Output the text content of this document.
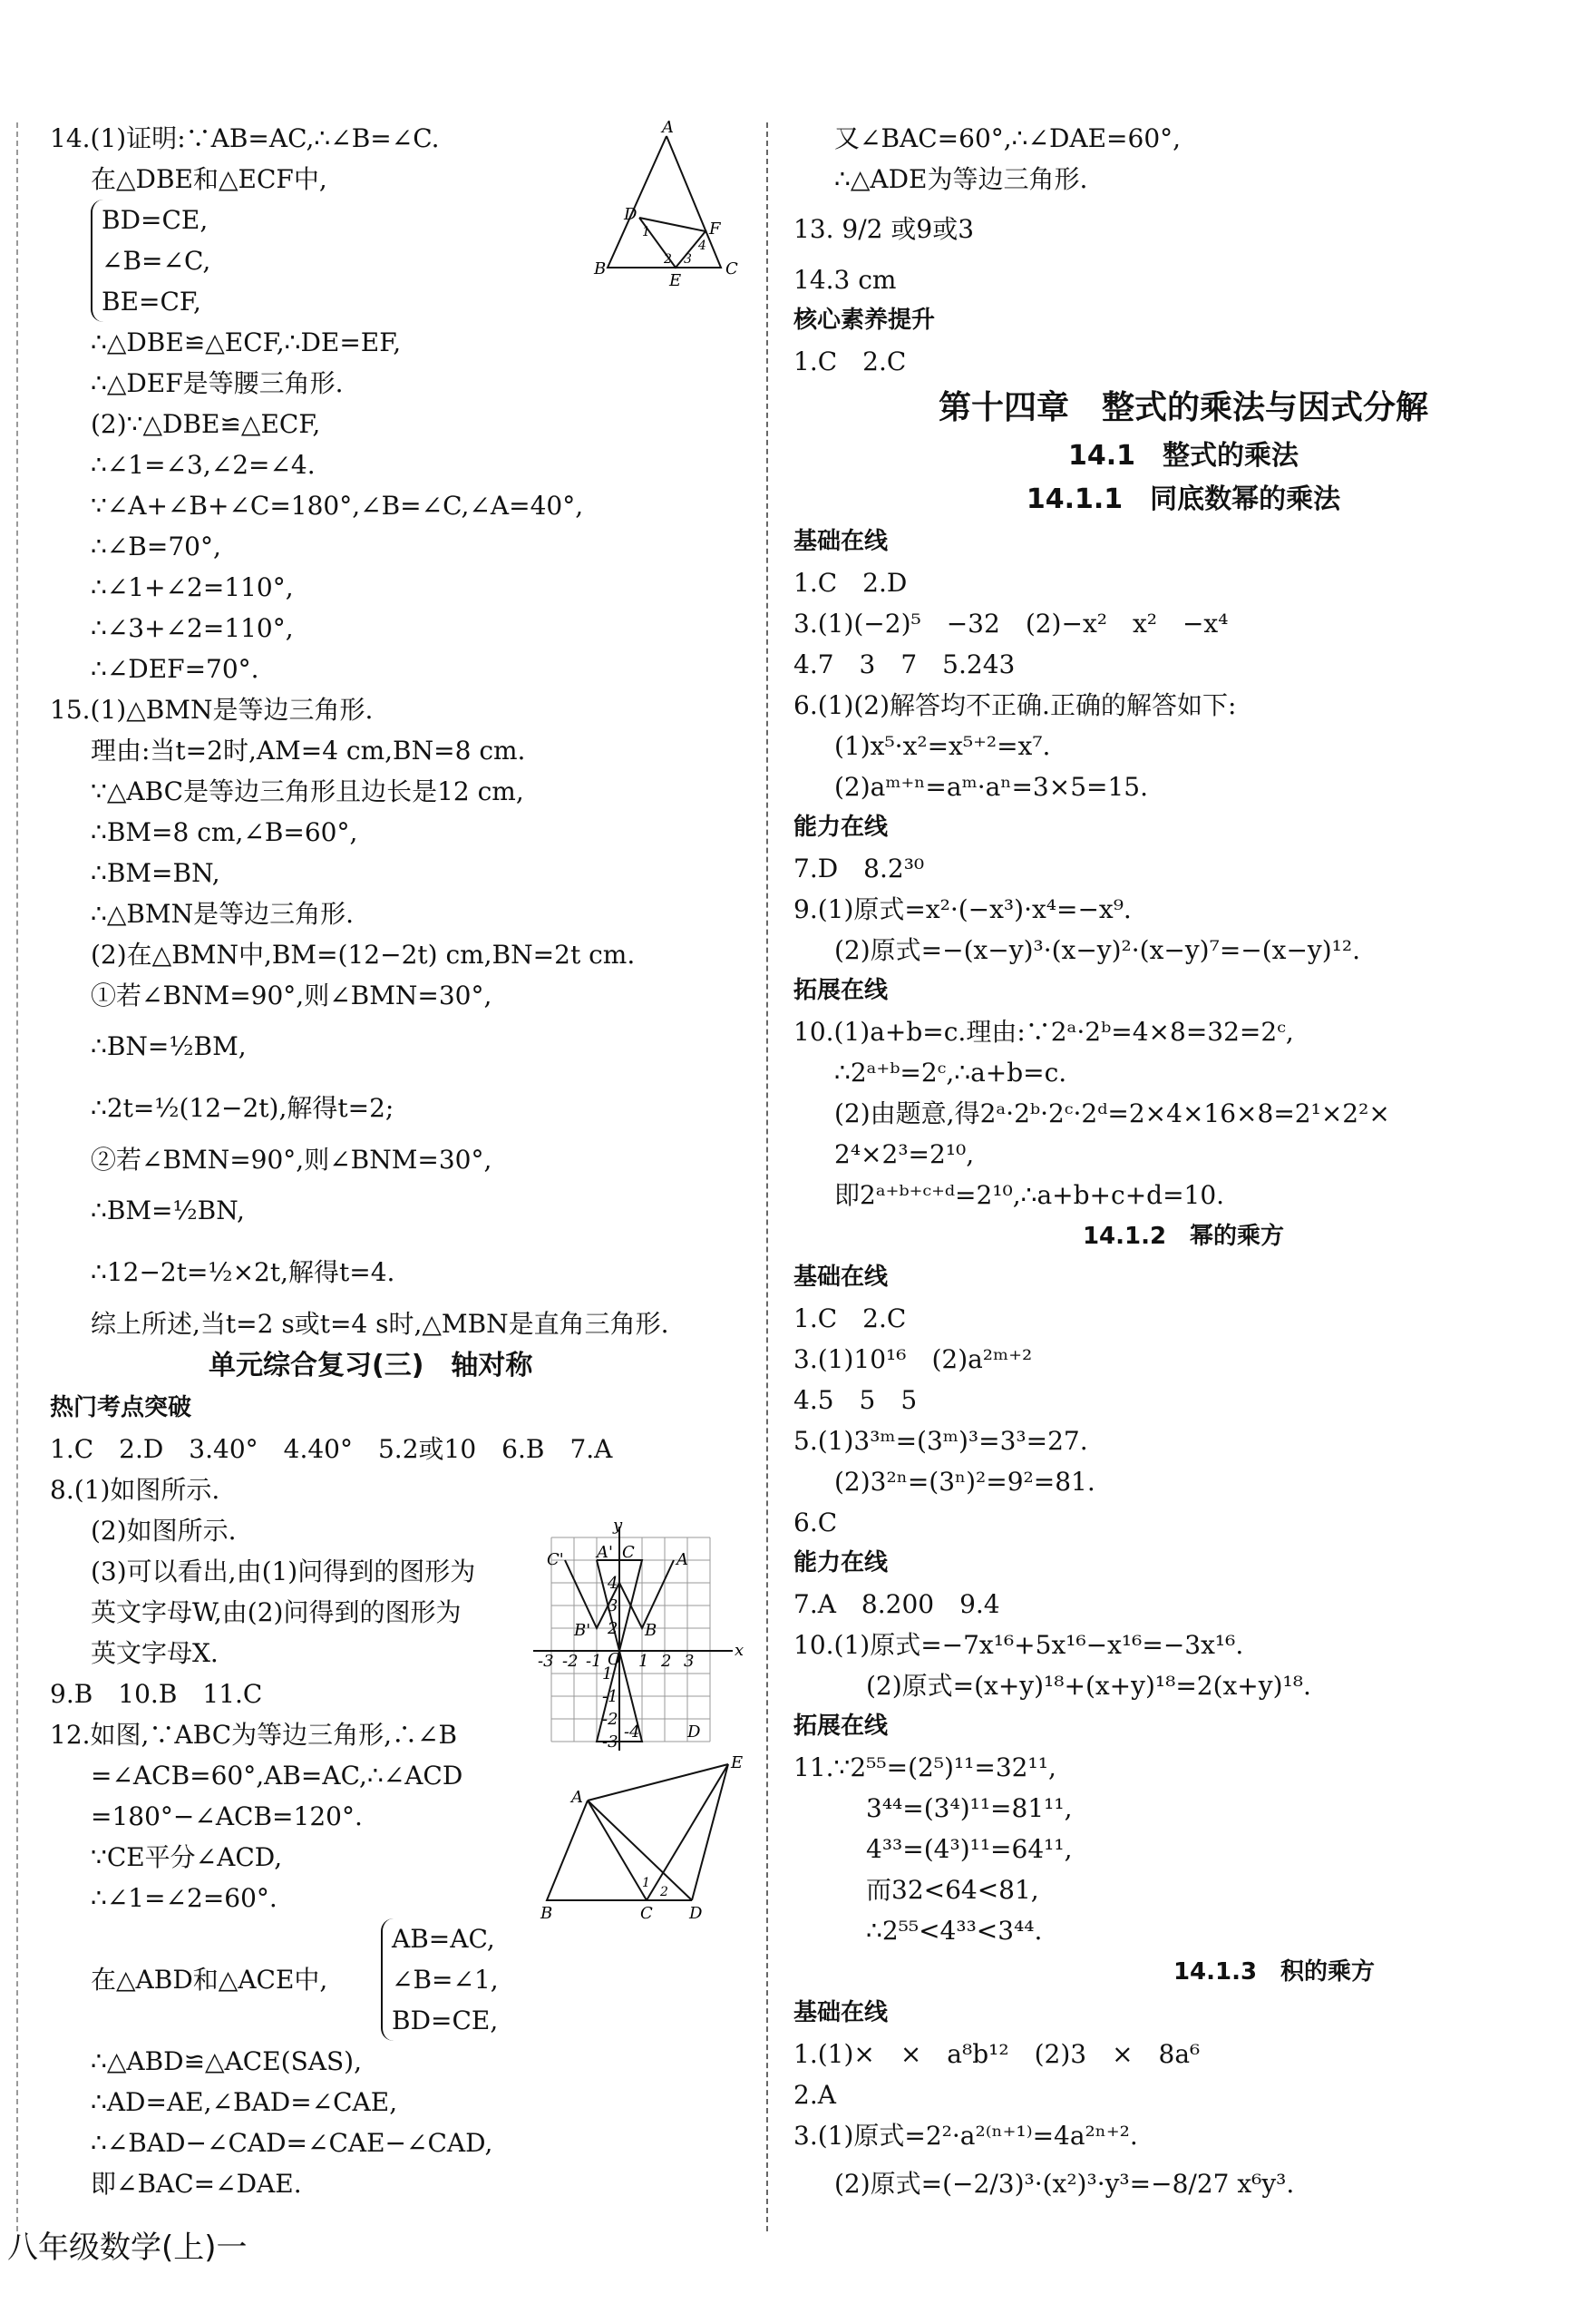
14.(1)证明:∵AB=AC,∴∠B=∠C.
在△DBE和△ECF中,
BD=CE,
∠B=∠C,
BE=CF,
∴△DBE≌△ECF,∴DE=EF,
∴△DEF是等腰三角形.
(2)∵△DBE≌△ECF,
∴∠1=∠3,∠2=∠4.
∵∠A+∠B+∠C=180°,∠B=∠C,∠A=40°,
∴∠B=70°,
∴∠1+∠2=110°,
∴∠3+∠2=110°,
∴∠DEF=70°.
15.(1)△BMN是等边三角形.
理由:当t=2时,AM=4 cm,BN=8 cm.
∵△ABC是等边三角形且边长是12 cm,
∴BM=8 cm,∠B=60°,
∴BM=BN,
∴△BMN是等边三角形.
(2)在△BMN中,BM=(12−2t) cm,BN=2t cm.
①若∠BNM=90°,则∠BMN=30°,
∴BN=½BM,
∴2t=½(12−2t),解得t=2;
②若∠BMN=90°,则∠BNM=30°,
∴BM=½BN,
∴12−2t=½×2t,解得t=4.
综上所述,当t=2 s或t=4 s时,△MBN是直角三角形.
单元综合复习(三)　轴对称
热门考点突破
1.C　2.D　3.40°　4.40°　5.2或10　6.B　7.A
8.(1)如图所示.
(2)如图所示.
(3)可以看出,由(1)问得到的图形为
英文字母W,由(2)问得到的图形为
英文字母X.
9.B　10.B　11.C
12.如图,∵ABC为等边三角形,∴∠B
=∠ACB=60°,AB=AC,∴∠ACD
=180°−∠ACB=120°.
∵CE平分∠ACD,
∴∠1=∠2=60°.
在△ABD和△ACE中,
AB=AC,
∠B=∠1,
BD=CE,
∴△ABD≌△ACE(SAS),
∴AD=AE,∠BAD=∠CAE,
∴∠BAD−∠CAD=∠CAE−∠CAD,
即∠BAC=∠DAE.
A
D
F
B
E
C
1
2 3
4
y
C' A' C	A
B'	B
x
O
-3 -2 -1 1 2 3
4
3
2
1
-1
-2
-3
-4	D
A
E
B	C D
1
2
又∠BAC=60°,∴∠DAE=60°,
∴△ADE为等边三角形.
13. 9/2 或9或3
14.3 cm
核心素养提升
1.C　2.C
第十四章　整式的乘法与因式分解
14.1　整式的乘法
14.1.1　同底数幂的乘法
基础在线
1.C　2.D
3.(1)(−2)⁵　−32　(2)−x²　x²　−x⁴
4.7　3　7　5.243
6.(1)(2)解答均不正确.正确的解答如下:
(1)x⁵·x²=x⁵⁺²=x⁷.
(2)aᵐ⁺ⁿ=aᵐ·aⁿ=3×5=15.
能力在线
7.D　8.2³⁰
9.(1)原式=x²·(−x³)·x⁴=−x⁹.
(2)原式=−(x−y)³·(x−y)²·(x−y)⁷=−(x−y)¹².
拓展在线
10.(1)a+b=c.理由:∵2ᵃ·2ᵇ=4×8=32=2ᶜ,
∴2ᵃ⁺ᵇ=2ᶜ,∴a+b=c.
(2)由题意,得2ᵃ·2ᵇ·2ᶜ·2ᵈ=2×4×16×8=2¹×2²×
2⁴×2³=2¹⁰,
即2ᵃ⁺ᵇ⁺ᶜ⁺ᵈ=2¹⁰,∴a+b+c+d=10.
14.1.2　幂的乘方
基础在线
1.C　2.C
3.(1)10¹⁶　(2)a²ᵐ⁺²
4.5　5　5
5.(1)3³ᵐ=(3ᵐ)³=3³=27.
(2)3²ⁿ=(3ⁿ)²=9²=81.
6.C
能力在线
7.A　8.200　9.4
10.(1)原式=−7x¹⁶+5x¹⁶−x¹⁶=−3x¹⁶.
(2)原式=(x+y)¹⁸+(x+y)¹⁸=2(x+y)¹⁸.
拓展在线
11.∵2⁵⁵=(2⁵)¹¹=32¹¹,
3⁴⁴=(3⁴)¹¹=81¹¹,
4³³=(4³)¹¹=64¹¹,
而32<64<81,
∴2⁵⁵<4³³<3⁴⁴.
14.1.3　积的乘方
基础在线
1.(1)×　×　a⁸b¹²　(2)3　×　8a⁶
2.A
3.(1)原式=2²·a²⁽ⁿ⁺¹⁾=4a²ⁿ⁺².
(2)原式=(−2/3)³·(x²)³·y³=−8/27 x⁶y³.
八年级数学(上)一
